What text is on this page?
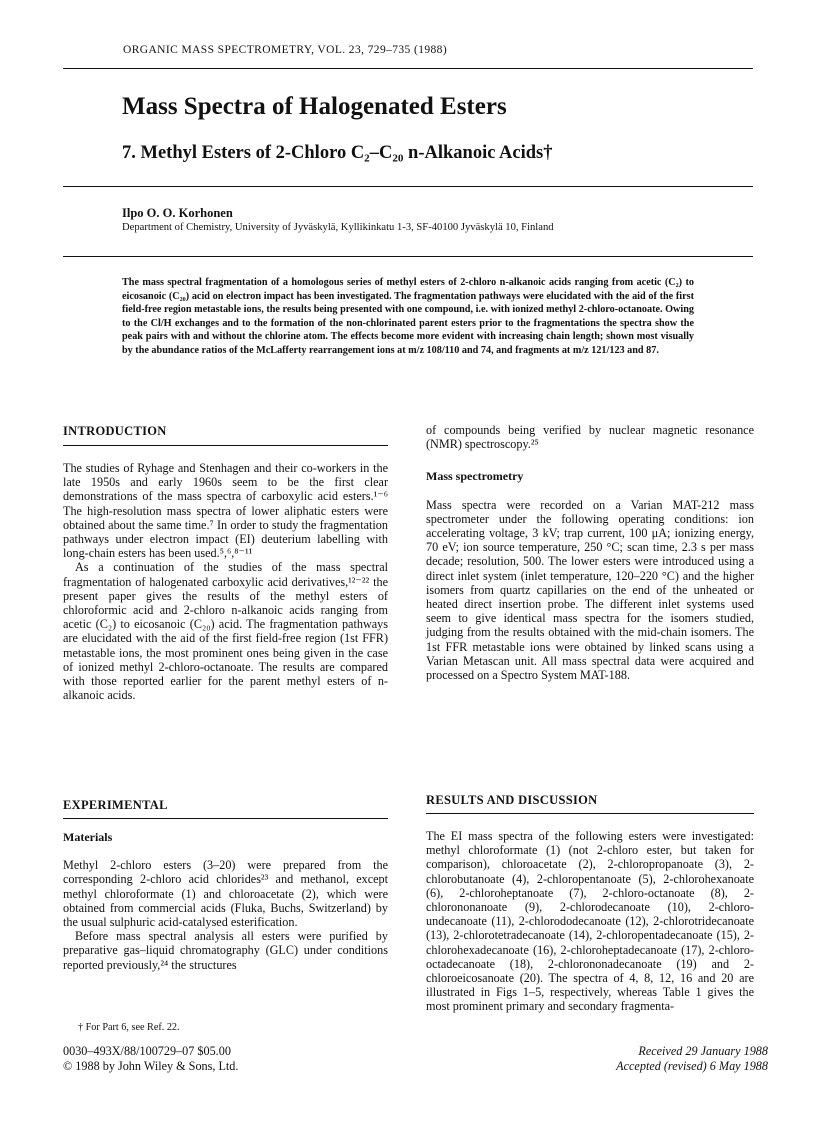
ORGANIC MASS SPECTROMETRY, VOL. 23, 729–735 (1988)
Mass Spectra of Halogenated Esters
7. Methyl Esters of 2-Chloro C₂–C₂₀ n-Alkanoic Acids†
Ilpo O. O. Korhonen
Department of Chemistry, University of Jyväskylä, Kyllikinkatu 1-3, SF-40100 Jyväskylä 10, Finland
The mass spectral fragmentation of a homologous series of methyl esters of 2-chloro n-alkanoic acids ranging from acetic (C₂) to eicosanoic (C₂₀) acid on electron impact has been investigated. The fragmentation pathways were elucidated with the aid of the first field-free region metastable ions, the results being presented with one compound, i.e. with ionized methyl 2-chloro-octanoate. Owing to the Cl/H exchanges and to the formation of the non-chlorinated parent esters prior to the fragmentations the spectra show the peak pairs with and without the chlorine atom. The effects become more evident with increasing chain length; shown most visually by the abundance ratios of the McLafferty rearrangement ions at m/z 108/110 and 74, and fragments at m/z 121/123 and 87.
INTRODUCTION

The studies of Ryhage and Stenhagen and their co-workers in the late 1950s and early 1960s seem to be the first clear demonstrations of the mass spectra of carboxylic acid esters.¹⁻⁶ The high-resolution mass spectra of lower aliphatic esters were obtained about the same time.⁷ In order to study the fragmentation pathways under electron impact (EI) deuterium labelling with long-chain esters has been used.⁵,⁶,⁸⁻¹¹

As a continuation of the studies of the mass spectral fragmentation of halogenated carboxylic acid derivatives,¹²⁻²² the present paper gives the results of the methyl esters of chloroformic acid and 2-chloro n-alkanoic acids ranging from acetic (C₂) to eicosanoic (C₂₀) acid. The fragmentation pathways are elucidated with the aid of the first field-free region (1st FFR) metastable ions, the most prominent ones being given in the case of ionized methyl 2-chloro-octanoate. The results are compared with those reported earlier for the parent methyl esters of n-alkanoic acids.

EXPERIMENTAL
Materials

Methyl 2-chloro esters (3–20) were prepared from the corresponding 2-chloro acid chlorides²³ and methanol, except methyl chloroformate (1) and chloroacetate (2), which were obtained from commercial acids (Fluka, Buchs, Switzerland) by the usual sulphuric acid-catalysed esterification.

Before mass spectral analysis all esters were purified by preparative gas–liquid chromatography (GLC) under conditions reported previously,²⁴ the structures

† For Part 6, see Ref. 22.
0030–493X/88/100729–07 $05.00
© 1988 by John Wiley & Sons, Ltd.

of compounds being verified by nuclear magnetic resonance (NMR) spectroscopy.²⁵

Mass spectrometry

Mass spectra were recorded on a Varian MAT-212 mass spectrometer under the following operating conditions: ion accelerating voltage, 3 kV; trap current, 100 μA; ionizing energy, 70 eV; ion source temperature, 250 °C; scan time, 2.3 s per mass decade; resolution, 500. The lower esters were introduced using a direct inlet system (inlet temperature, 120–220 °C) and the higher isomers from quartz capillaries on the end of the unheated or heated direct insertion probe. The different inlet systems used seem to give identical mass spectra for the isomers studied, judging from the results obtained with the mid-chain isomers. The 1st FFR metastable ions were obtained by linked scans using a Varian Metascan unit. All mass spectral data were acquired and processed on a Spectro System MAT-188.

RESULTS AND DISCUSSION

The EI mass spectra of the following esters were investigated: methyl chloroformate (1) (not 2-chloro ester, but taken for comparison), chloroacetate (2), 2-chloropropanoate (3), 2-chlorobutanoate (4), 2-chloropentanoate (5), 2-chlorohexanoate (6), 2-chloroheptanoate (7), 2-chloro-octanoate (8), 2-chlorononanoate (9), 2-chlorodecanoate (10), 2-chloro-undecanoate (11), 2-chlorododecanoate (12), 2-chlorotridecanoate (13), 2-chlorotetradecanoate (14), 2-chloropentadecanoate (15), 2-chlorohexadecanoate (16), 2-chloroheptadecanoate (17), 2-chloro-octadecanoate (18), 2-chlorononadecanoate (19) and 2-chloroeicosanoate (20). The spectra of 4, 8, 12, 16 and 20 are illustrated in Figs 1–5, respectively, whereas Table 1 gives the most prominent primary and secondary fragmenta-

Received 29 January 1988
Accepted (revised) 6 May 1988
